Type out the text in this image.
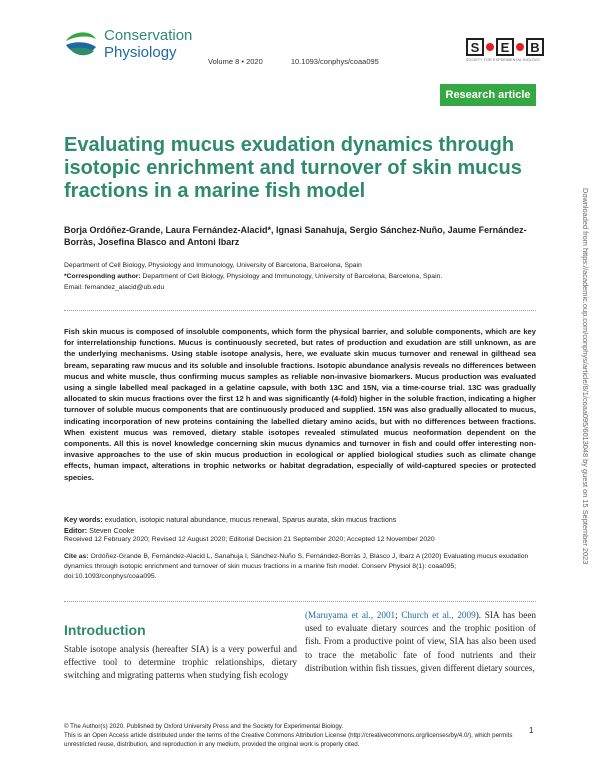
Conservation
Physiology
Volume 8 • 2020	10.1093/conphys/coaa095
S	E	B
SOCIETY FOR EXPERIMENTAL BIOLOGY
Research article
Evaluating mucus exudation dynamics through isotopic enrichment and turnover of skin mucus fractions in a marine fish model
Borja Ordóñez-Grande, Laura Fernández-Alacid*, Ignasi Sanahuja, Sergio Sánchez-Nuño, Jaume Fernández-Borràs, Josefina Blasco and Antoni Ibarz
Department of Cell Biology, Physiology and Immunology, University of Barcelona, Barcelona, Spain
*Corresponding author: Department of Cell Biology, Physiology and Immunology, University of Barcelona, Barcelona, Spain.
Email: fernandez_alacid@ub.edu
Fish skin mucus is composed of insoluble components, which form the physical barrier, and soluble components, which are key for interrelationship functions. Mucus is continuously secreted, but rates of production and exudation are still unknown, as are the underlying mechanisms. Using stable isotope analysis, here, we evaluate skin mucus turnover and renewal in gilthead sea bream, separating raw mucus and its soluble and insoluble fractions. Isotopic abundance analysis reveals no differences between mucus and white muscle, thus confirming mucus samples as reliable non-invasive biomarkers. Mucus production was evaluated using a single labelled meal packaged in a gelatine capsule, with both 13C and 15N, via a time-course trial. 13C was gradually allocated to skin mucus fractions over the first 12 h and was significantly (4-fold) higher in the soluble fraction, indicating a higher turnover of soluble mucus components that are continuously produced and supplied. 15N was also gradually allocated to mucus, indicating incorporation of new proteins containing the labelled dietary amino acids, but with no differences between fractions. When existent mucus was removed, dietary stable isotopes revealed stimulated mucus neoformation dependent on the components. All this is novel knowledge concerning skin mucus dynamics and turnover in fish and could offer interesting non-invasive approaches to the use of skin mucus production in ecological or applied biological studies such as climate change effects, human impact, alterations in trophic networks or habitat degradation, especially of wild-captured species or protected species.
Key words: exudation, isotopic natural abundance, mucus renewal, Sparus aurata, skin mucus fractions
Editor: Steven Cooke
Received 12 February 2020; Revised 12 August 2020; Editorial Decision 21 September 2020; Accepted 12 November 2020
Cite as: Ordóñez-Grande B, Fernández-Alacid L, Sanahuja I, Sánchez-Nuño S, Fernández-Borràs J, Blasco J, Ibarz A (2020) Evaluating mucus exudation dynamics through isotopic enrichment and turnover of skin mucus fractions in a marine fish model. Conserv Physiol 8(1): coaa095; doi:10.1093/conphys/coaa095.
Introduction
Stable isotope analysis (hereafter SIA) is a very powerful and effective tool to determine trophic relationships, dietary switching and migrating patterns when studying fish ecology
(Maruyama et al., 2001; Church et al., 2009). SIA has been used to evaluate dietary sources and the trophic position of fish. From a productive point of view, SIA has also been used to trace the metabolic fate of food nutrients and their distribution within fish tissues, given different dietary sources,
© The Author(s) 2020. Published by Oxford University Press and the Society for Experimental Biology.
This is an Open Access article distributed under the terms of the Creative Commons Attribution License (http://creativecommons.org/licenses/by/4.0/), which permits unrestricted reuse, distribution, and reproduction in any medium, provided the original work is properly cited.
1
Downloaded from https://academic.oup.com/conphys/article/8/1/coaa095/6013048 by guest on 15 September 2023
